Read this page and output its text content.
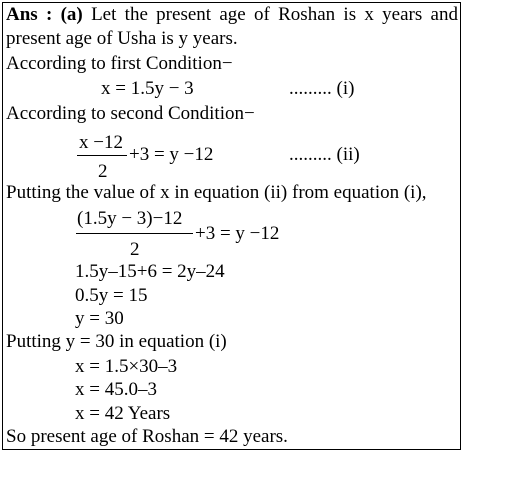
Ans : (a) Let the present age of Roshan is x years and
present age of Usha is y years.
According to first Condition−
x = 1.5y − 3	......... (i)
According to second Condition−
x −12
2
+3 = y −12	......... (ii)
Putting the value of x in equation (ii) from equation (i),
(1.5y − 3)−12
2
+3 = y −12
1.5y–15+6 = 2y–24
0.5y = 15
y = 30
Putting y = 30 in equation (i)
x = 1.5×30–3
x = 45.0–3
x = 42 Years
So present age of Roshan = 42 years.
